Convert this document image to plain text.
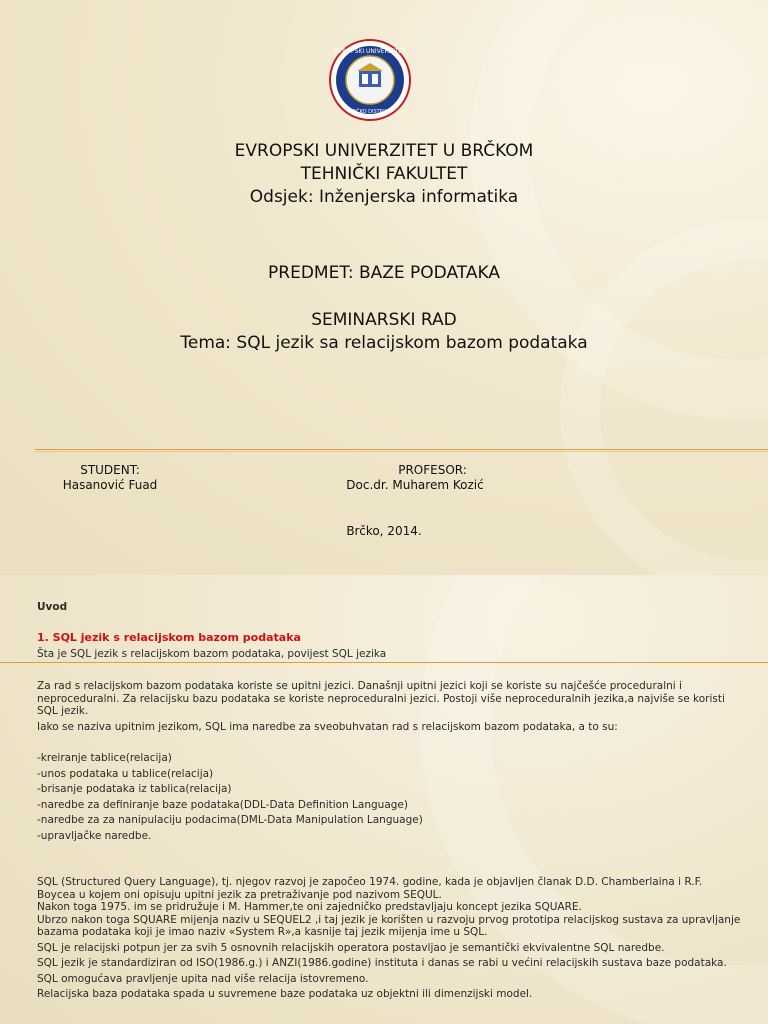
EVROPSKI UNIVERZITET
BRČKO DISTRIKT
EVROPSKI UNIVERZITET U BRČKOM
TEHNIČKI FAKULTET
Odsjek: Inženjerska informatika
PREDMET: BAZE PODATAKA
SEMINARSKI RAD
Tema: SQL jezik sa relacijskom bazom podataka
STUDENT:
Hasanović Fuad
PROFESOR:
Doc.dr. Muharem Kozić
Brčko, 2014.

Uvod

1. SQL jezik s relacijskom bazom podataka

Šta je SQL jezik s relacijskom bazom podataka, povijest SQL jezika

Za rad s relacijskom bazom podataka koriste se upitni jezici. Današnji upitni jezici koji se koriste su najčešće proceduralni i neproceduralni. Za relacijsku bazu podataka se koriste neproceduralni jezici. Postoji više neproceduralnih jezika,a najviše se koristi SQL jezik.

Iako se naziva upitnim jezikom, SQL ima naredbe za sveobuhvatan rad s relacijskom bazom podataka, a to su:

-kreiranje tablice(relacija)

-unos podataka u tablice(relacija)

-brisanje podataka iz tablica(relacija)

-naredbe za definiranje baze podataka(DDL-Data Definition Language)

-naredbe za za nanipulaciju podacima(DML-Data Manipulation Language)

-upravljačke naredbe.

SQL (Structured Query Language), tj. njegov razvoj je započeo 1974. godine, kada je objavljen članak D.D. Chamberlaina i R.F. Boycea u kojem oni opisuju upitni jezik za pretraživanje pod nazivom SEQUL.

Nakon toga 1975. im se pridružuje i M. Hammer,te oni zajedničko predstavljaju koncept jezika SQUARE.

Ubrzo nakon toga SQUARE mijenja naziv u SEQUEL2 ,i taj jezik je korišten u razvoju prvog prototipa relacijskog sustava za upravljanje bazama podataka koji je imao naziv «System R»,a kasnije taj jezik mijenja ime u SQL.

SQL je relacijski potpun jer za svih 5 osnovnih relacijskih operatora postavljao je semantički ekvivalentne SQL naredbe.

SQL jezik je standardiziran od ISO(1986.g.) i ANZI(1986.godine) instituta i danas se rabi u većini relacijskih sustava baze podataka.

SQL omogućava pravljenje upita nad više relacija istovremeno.

Relacijska baza podataka spada u suvremene baze podataka uz objektni ili dimenzijski model.
